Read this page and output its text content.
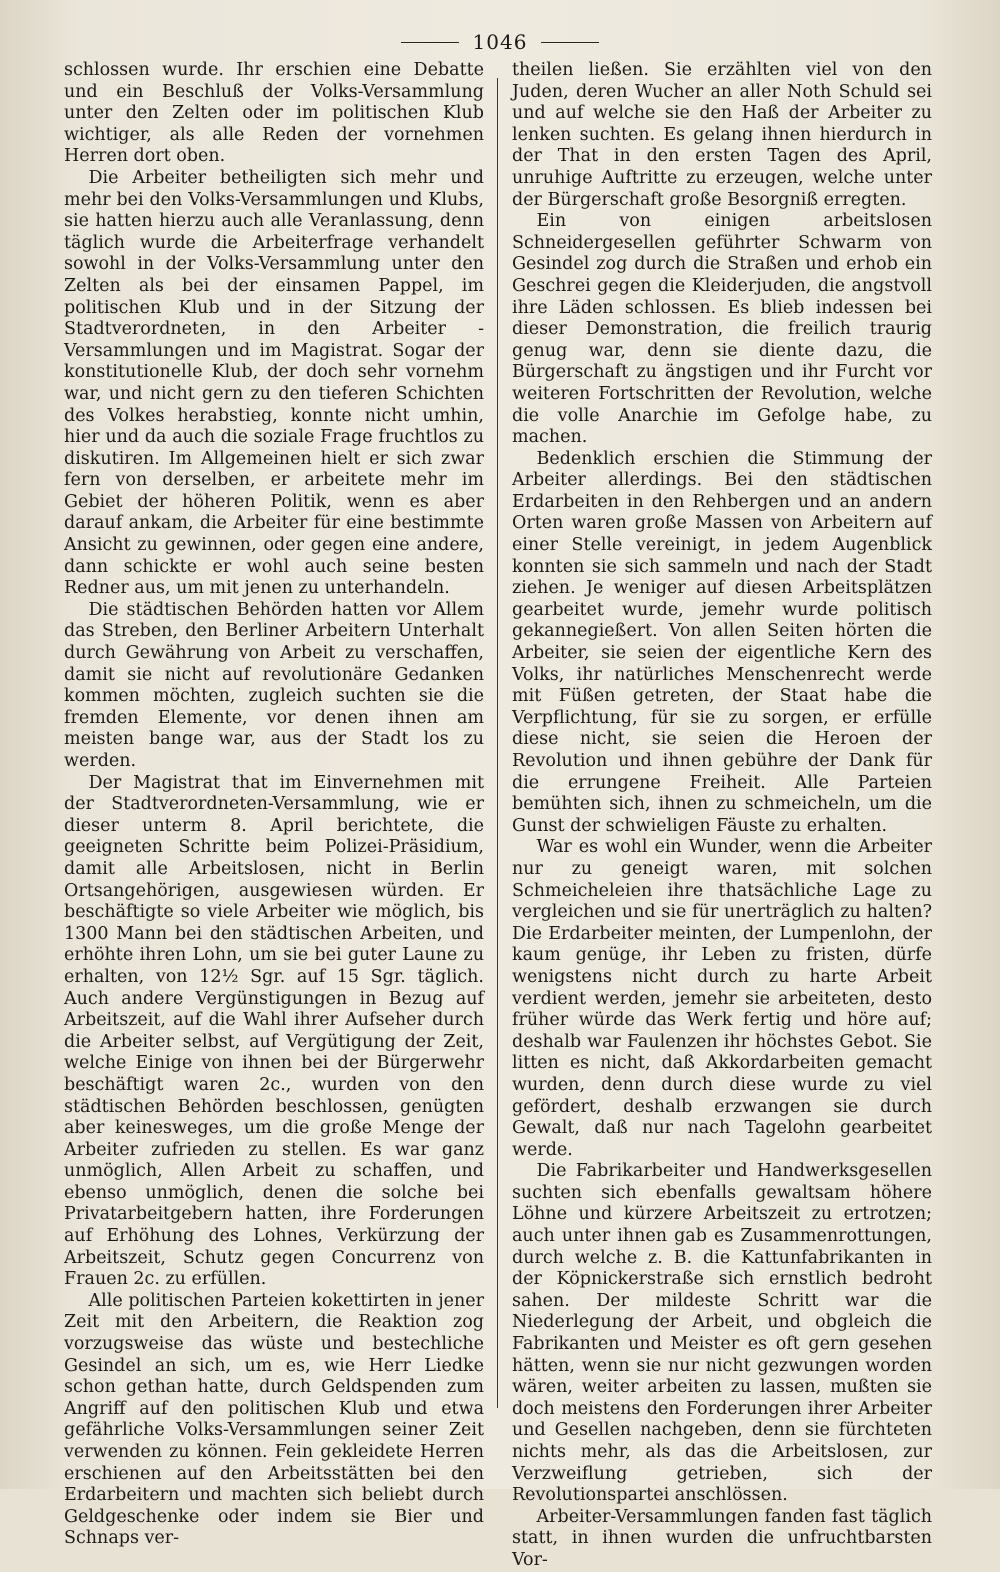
1046

schlossen wurde. Ihr erschien eine Debatte und ein Beschluß der Volks-Versammlung unter den Zelten oder im politischen Klub wichtiger, als alle Reden der vornehmen Herren dort oben.

Die Arbeiter betheiligten sich mehr und mehr bei den Volks-Versammlungen und Klubs, sie hatten hierzu auch alle Veranlassung, denn täglich wurde die Arbeiterfrage verhandelt sowohl in der Volks-Versammlung unter den Zelten als bei der einsamen Pappel, im politischen Klub und in der Sitzung der Stadtverordneten, in den Arbeiter - Versammlungen und im Magistrat. Sogar der konstitutionelle Klub, der doch sehr vornehm war, und nicht gern zu den tieferen Schichten des Volkes herabstieg, konnte nicht umhin, hier und da auch die soziale Frage fruchtlos zu diskutiren. Im Allgemeinen hielt er sich zwar fern von derselben, er arbeitete mehr im Gebiet der höheren Politik, wenn es aber darauf ankam, die Arbeiter für eine bestimmte Ansicht zu gewinnen, oder gegen eine andere, dann schickte er wohl auch seine besten Redner aus, um mit jenen zu unterhandeln.

Die städtischen Behörden hatten vor Allem das Streben, den Berliner Arbeitern Unterhalt durch Gewährung von Arbeit zu verschaffen, damit sie nicht auf revolutionäre Gedanken kommen möchten, zugleich suchten sie die fremden Elemente, vor denen ihnen am meisten bange war, aus der Stadt los zu werden.

Der Magistrat that im Einvernehmen mit der Stadtverordneten-Versammlung, wie er dieser unterm 8. April berichtete, die geeigneten Schritte beim Polizei-Präsidium, damit alle Arbeitslosen, nicht in Berlin Ortsangehörigen, ausgewiesen würden. Er beschäftigte so viele Arbeiter wie möglich, bis 1300 Mann bei den städtischen Arbeiten, und erhöhte ihren Lohn, um sie bei guter Laune zu erhalten, von 12½ Sgr. auf 15 Sgr. täglich. Auch andere Vergünstigungen in Bezug auf Arbeitszeit, auf die Wahl ihrer Aufseher durch die Arbeiter selbst, auf Vergütigung der Zeit, welche Einige von ihnen bei der Bürgerwehr beschäftigt waren 2c., wurden von den städtischen Behörden beschlossen, genügten aber keinesweges, um die große Menge der Arbeiter zufrieden zu stellen. Es war ganz unmöglich, Allen Arbeit zu schaffen, und ebenso unmöglich, denen die solche bei Privatarbeitgebern hatten, ihre Forderungen auf Erhöhung des Lohnes, Verkürzung der Arbeitszeit, Schutz gegen Concurrenz von Frauen 2c. zu erfüllen.

Alle politischen Parteien kokettirten in jener Zeit mit den Arbeitern, die Reaktion zog vorzugsweise das wüste und bestechliche Gesindel an sich, um es, wie Herr Liedke schon gethan hatte, durch Geldspenden zum Angriff auf den politischen Klub und etwa gefährliche Volks-Versammlungen seiner Zeit verwenden zu können. Fein gekleidete Herren erschienen auf den Arbeitsstätten bei den Erdarbeitern und machten sich beliebt durch Geldgeschenke oder indem sie Bier und Schnaps ver-

theilen ließen. Sie erzählten viel von den Juden, deren Wucher an aller Noth Schuld sei und auf welche sie den Haß der Arbeiter zu lenken suchten. Es gelang ihnen hierdurch in der That in den ersten Tagen des April, unruhige Auftritte zu erzeugen, welche unter der Bürgerschaft große Besorgniß erregten.

Ein von einigen arbeitslosen Schneidergesellen geführter Schwarm von Gesindel zog durch die Straßen und erhob ein Geschrei gegen die Kleiderjuden, die angstvoll ihre Läden schlossen. Es blieb indessen bei dieser Demonstration, die freilich traurig genug war, denn sie diente dazu, die Bürgerschaft zu ängstigen und ihr Furcht vor weiteren Fortschritten der Revolution, welche die volle Anarchie im Gefolge habe, zu machen.

Bedenklich erschien die Stimmung der Arbeiter allerdings. Bei den städtischen Erdarbeiten in den Rehbergen und an andern Orten waren große Massen von Arbeitern auf einer Stelle vereinigt, in jedem Augenblick konnten sie sich sammeln und nach der Stadt ziehen. Je weniger auf diesen Arbeitsplätzen gearbeitet wurde, jemehr wurde politisch gekannegießert. Von allen Seiten hörten die Arbeiter, sie seien der eigentliche Kern des Volks, ihr natürliches Menschenrecht werde mit Füßen getreten, der Staat habe die Verpflichtung, für sie zu sorgen, er erfülle diese nicht, sie seien die Heroen der Revolution und ihnen gebühre der Dank für die errungene Freiheit. Alle Parteien bemühten sich, ihnen zu schmeicheln, um die Gunst der schwieligen Fäuste zu erhalten.

War es wohl ein Wunder, wenn die Arbeiter nur zu geneigt waren, mit solchen Schmeicheleien ihre thatsächliche Lage zu vergleichen und sie für unerträglich zu halten? Die Erdarbeiter meinten, der Lumpenlohn, der kaum genüge, ihr Leben zu fristen, dürfe wenigstens nicht durch zu harte Arbeit verdient werden, jemehr sie arbeiteten, desto früher würde das Werk fertig und höre auf; deshalb war Faulenzen ihr höchstes Gebot. Sie litten es nicht, daß Akkordarbeiten gemacht wurden, denn durch diese wurde zu viel gefördert, deshalb erzwangen sie durch Gewalt, daß nur nach Tagelohn gearbeitet werde.

Die Fabrikarbeiter und Handwerksgesellen suchten sich ebenfalls gewaltsam höhere Löhne und kürzere Arbeitszeit zu ertrotzen; auch unter ihnen gab es Zusammenrottungen, durch welche z. B. die Kattunfabrikanten in der Köpnickerstraße sich ernstlich bedroht sahen. Der mildeste Schritt war die Niederlegung der Arbeit, und obgleich die Fabrikanten und Meister es oft gern gesehen hätten, wenn sie nur nicht gezwungen worden wären, weiter arbeiten zu lassen, mußten sie doch meistens den Forderungen ihrer Arbeiter und Gesellen nachgeben, denn sie fürchteten nichts mehr, als das die Arbeitslosen, zur Verzweiflung getrieben, sich der Revolutionspartei anschlössen.

Arbeiter-Versammlungen fanden fast täglich statt, in ihnen wurden die unfruchtbarsten Vor-
